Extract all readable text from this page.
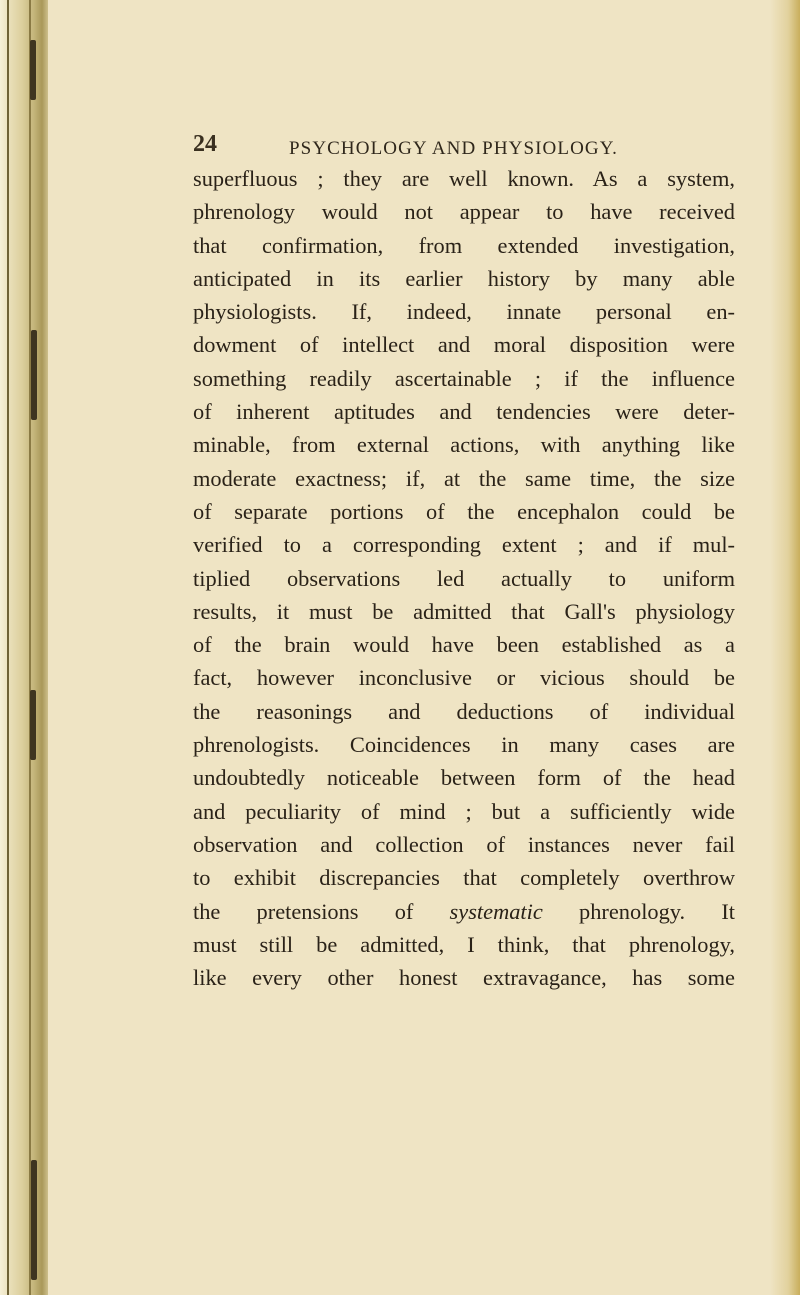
24	PSYCHOLOGY AND PHYSIOLOGY.
superfluous ; they are well known. As a system,
phrenology would not appear to have received
that confirmation, from extended investigation,
anticipated in its earlier history by many able
physiologists. If, indeed, innate personal en-
dowment of intellect and moral disposition were
something readily ascertainable ; if the influence
of inherent aptitudes and tendencies were deter-
minable, from external actions, with anything like
moderate exactness; if, at the same time, the size
of separate portions of the encephalon could be
verified to a corresponding extent ; and if mul-
tiplied observations led actually to uniform
results, it must be admitted that Gall's physiology
of the brain would have been established as a
fact, however inconclusive or vicious should be
the reasonings and deductions of individual
phrenologists. Coincidences in many cases are
undoubtedly noticeable between form of the head
and peculiarity of mind ; but a sufficiently wide
observation and collection of instances never fail
to exhibit discrepancies that completely overthrow
the pretensions of systematic phrenology. It
must still be admitted, I think, that phrenology,
like every other honest extravagance, has some
